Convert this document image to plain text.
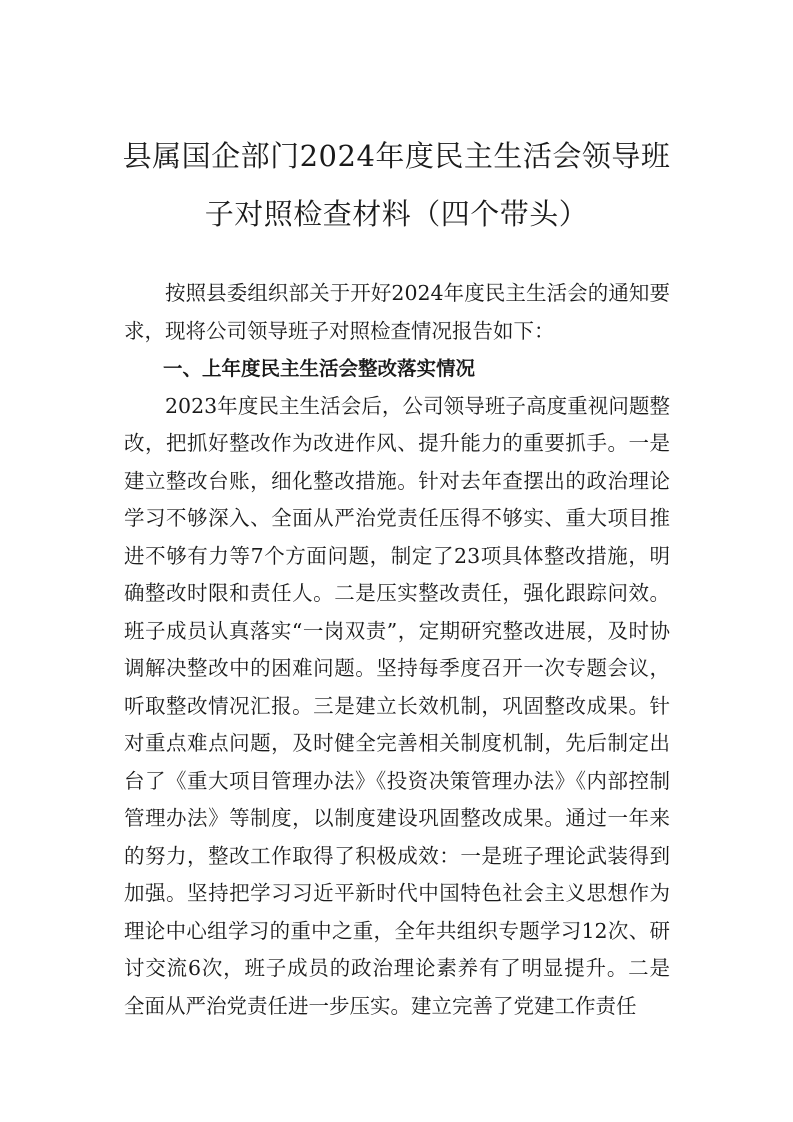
县属国企部门2024年度民主生活会领导班
子对照检查材料（四个带头）

按照县委组织部关于开好2024年度民主生活会的通知要求，现将公司领导班子对照检查情况报告如下：

一、上年度民主生活会整改落实情况

2023年度民主生活会后，公司领导班子高度重视问题整改，把抓好整改作为改进作风、提升能力的重要抓手。一是建立整改台账，细化整改措施。针对去年查摆出的政治理论学习不够深入、全面从严治党责任压得不够实、重大项目推进不够有力等7个方面问题，制定了23项具体整改措施，明确整改时限和责任人。二是压实整改责任，强化跟踪问效。班子成员认真落实“一岗双责”，定期研究整改进展，及时协调解决整改中的困难问题。坚持每季度召开一次专题会议，听取整改情况汇报。三是建立长效机制，巩固整改成果。针对重点难点问题，及时健全完善相关制度机制，先后制定出台了《重大项目管理办法》《投资决策管理办法》《内部控制管理办法》等制度，以制度建设巩固整改成果。通过一年来的努力，整改工作取得了积极成效：一是班子理论武装得到加强。坚持把学习习近平新时代中国特色社会主义思想作为理论中心组学习的重中之重，全年共组织专题学习12次、研讨交流6次，班子成员的政治理论素养有了明显提升。二是全面从严治党责任进一步压实。建立完善了党建工作责任
